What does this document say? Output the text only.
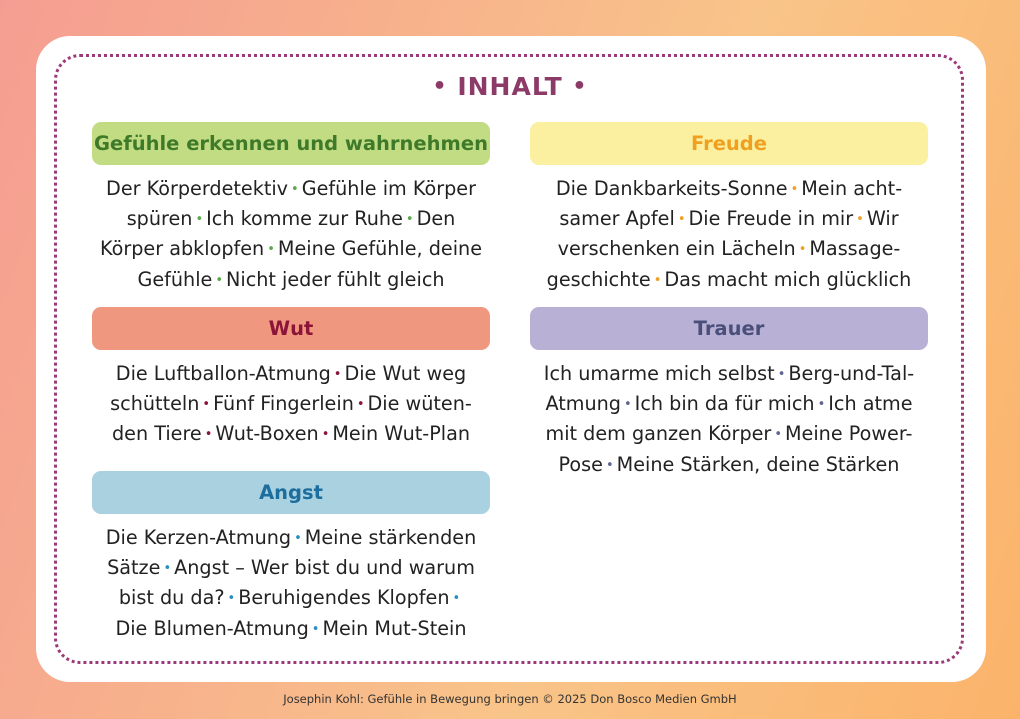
• INHALT •
Gefühle erkennen und wahrnehmen
Der Körperdetektiv • Gefühle im Körper
spüren • Ich komme zur Ruhe • Den
Körper abklopfen • Meine Gefühle, deine
Gefühle • Nicht jeder fühlt gleich
Freude
Die Dankbarkeits-Sonne • Mein acht-
samer Apfel • Die Freude in mir • Wir
verschenken ein Lächeln • Massage-
geschichte • Das macht mich glücklich
Wut
Die Luftballon-Atmung • Die Wut weg
schütteln • Fünf Fingerlein • Die wüten-
den Tiere • Wut-Boxen • Mein Wut-Plan
Trauer
Ich umarme mich selbst • Berg-und-Tal-
Atmung • Ich bin da für mich • Ich atme
mit dem ganzen Körper • Meine Power-
Pose • Meine Stärken, deine Stärken
Angst
Die Kerzen-Atmung • Meine stärkenden
Sätze • Angst – Wer bist du und warum
bist du da? • Beruhigendes Klopfen •
Die Blumen-Atmung • Mein Mut-Stein
Josephin Kohl: Gefühle in Bewegung bringen © 2025 Don Bosco Medien GmbH
